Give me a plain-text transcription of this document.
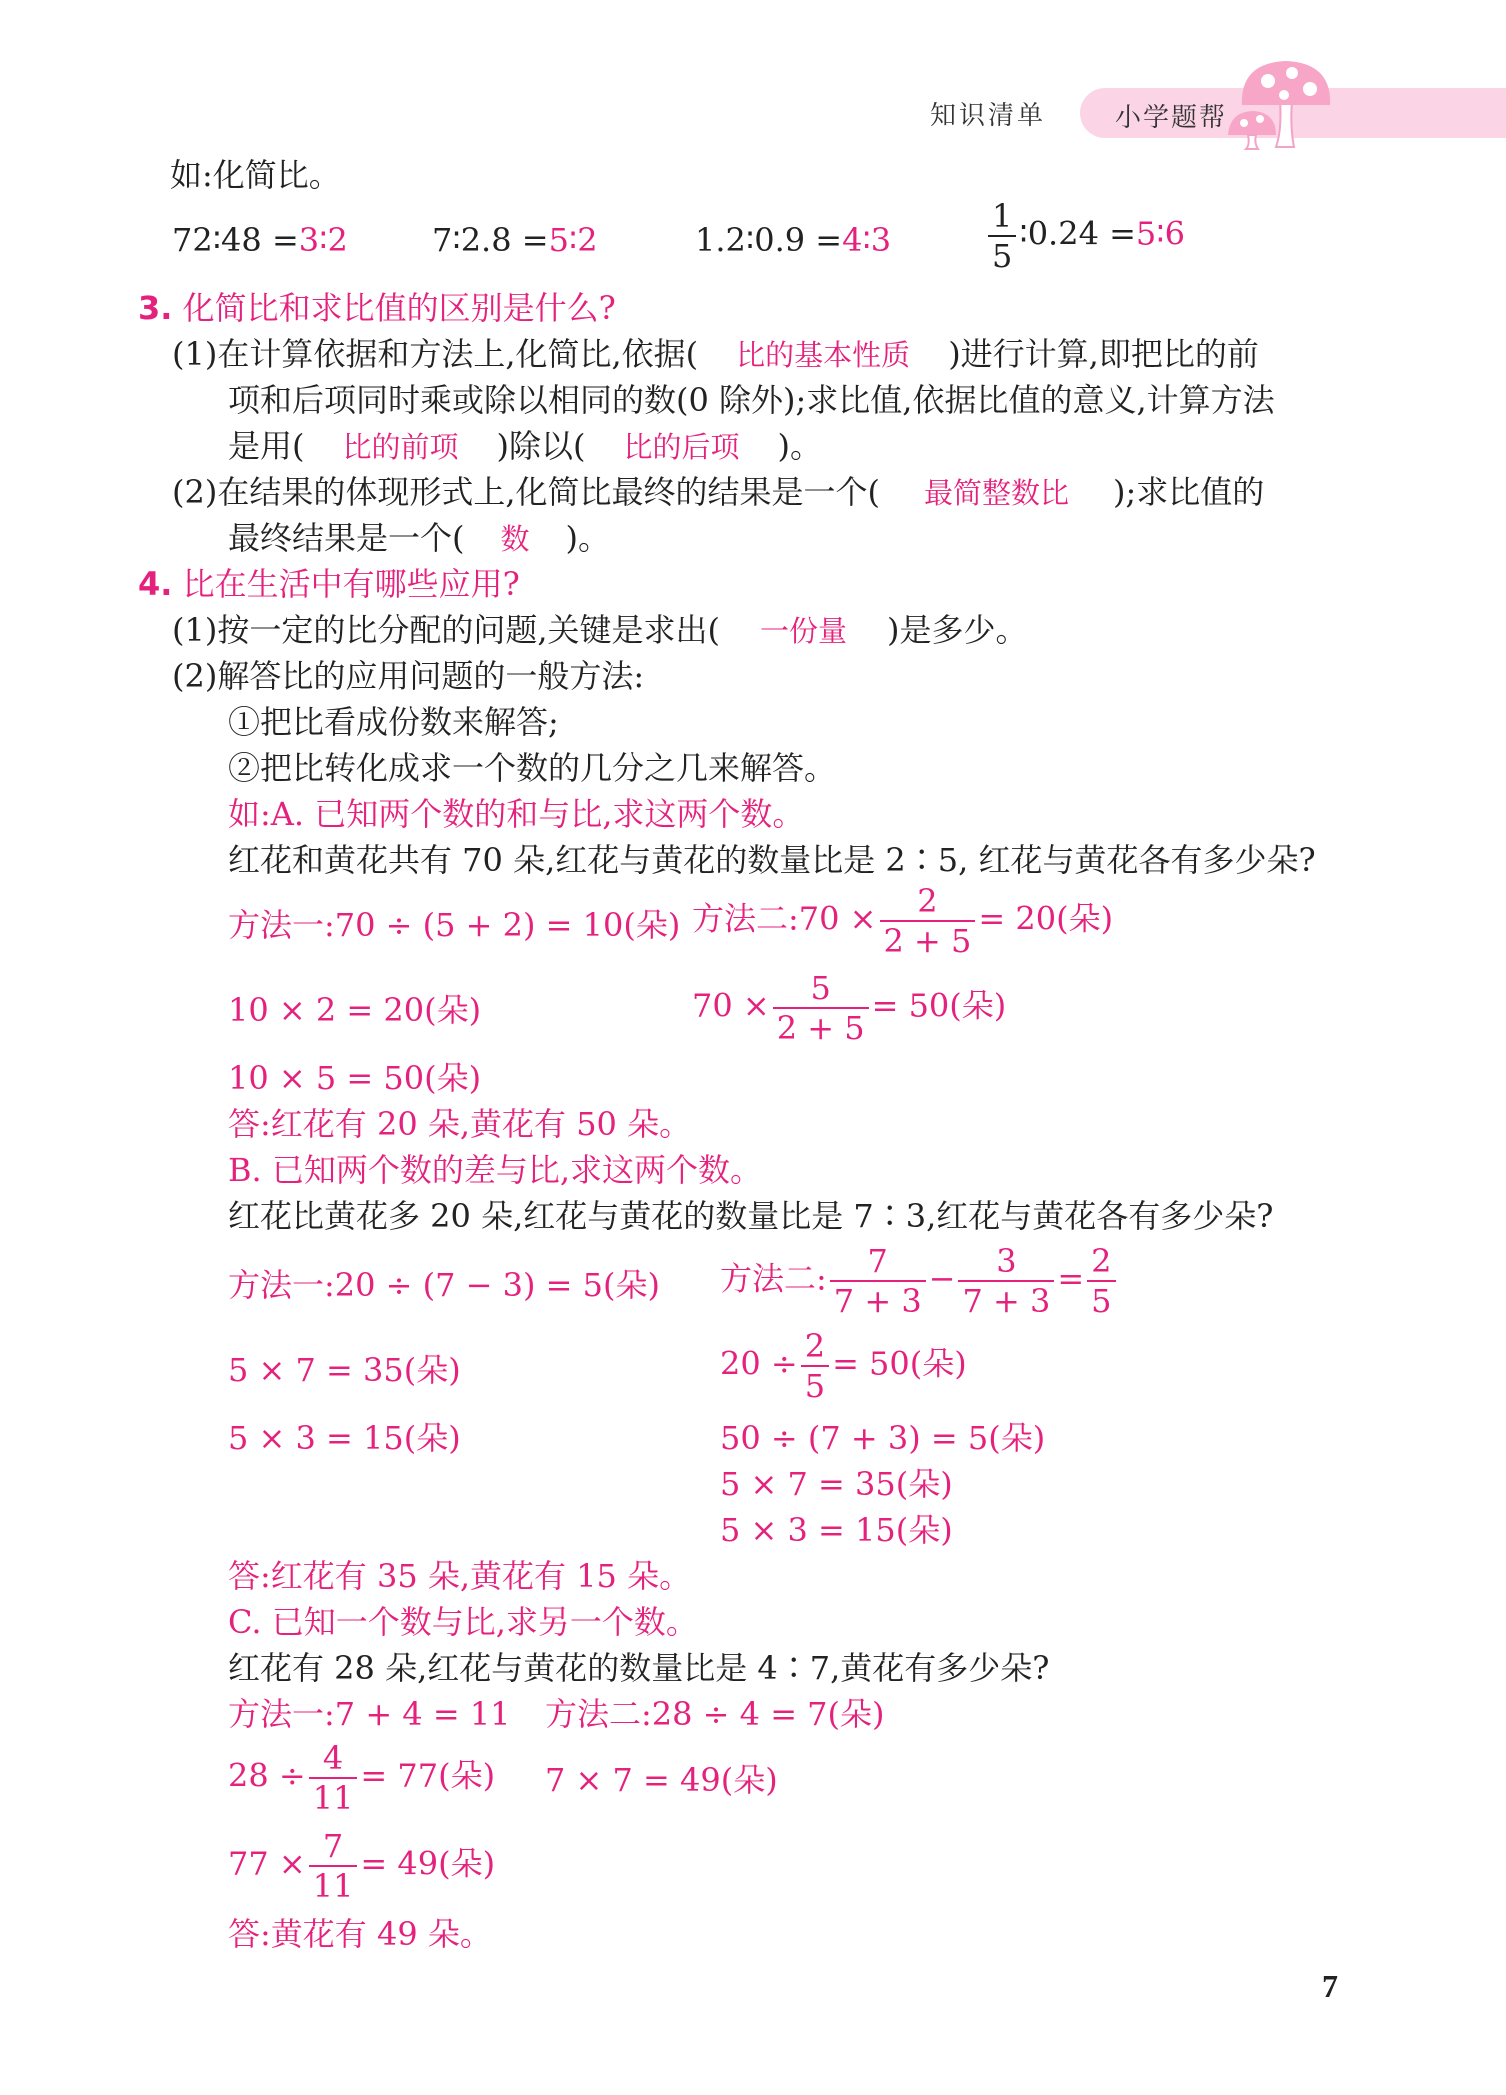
知识清单	小学题帮
如:化简比。
72∶48 =3∶2	7∶2.8 =5∶2	1.2∶0.9 =4∶3	$\frac{1}{5}$ ∶0.24 =5∶6
3. 化简比和求比值的区别是什么?
(1)在计算依据和方法上,化简比,依据( 比的基本性质 )进行计算,即把比的前
项和后项同时乘或除以相同的数(0 除外);求比值,依据比值的意义,计算方法
是用( 比的前项 )除以( 比的后项 )。
(2)在结果的体现形式上,化简比最终的结果是一个( 最简整数比 );求比值的
最终结果是一个( 数 )。
4. 比在生活中有哪些应用?
(1)按一定的比分配的问题,关键是求出( 一份量 )是多少。
(2)解答比的应用问题的一般方法:
①把比看成份数来解答;
②把比转化成求一个数的几分之几来解答。
如:A. 已知两个数的和与比,求这两个数。
红花和黄花共有 70 朵,红花与黄花的数量比是 2∶5, 红花与黄花各有多少朵?
方法一:70 ÷ (5 + 2) = 10(朵) 方法二:70 × $\frac{2}{2 + 5} = 20$(朵)
10 × 2 = 20(朵)	$70 \times \frac{5}{2 + 5} = 50$(朵)
10 × 5 = 50(朵)
答:红花有 20 朵,黄花有 50 朵。
B. 已知两个数的差与比,求这两个数。
红花比黄花多 20 朵,红花与黄花的数量比是 7∶3,红花与黄花各有多少朵?
方法一:20 ÷ (7 − 3) = 5(朵) 方法二: $\frac{7}{7 + 3} - \frac{3}{7 + 3} = \frac{2}{5}$
5 × 7 = 35(朵)	$20 \div \frac{2}{5} = 50$(朵)
5 × 3 = 15(朵)	50 ÷ (7 + 3) = 5(朵)
5 × 7 = 35(朵)
5 × 3 = 15(朵)
答:红花有 35 朵,黄花有 15 朵。
C. 已知一个数与比,求另一个数。
红花有 28 朵,红花与黄花的数量比是 4∶7,黄花有多少朵?
方法一:7 + 4 = 11 方法二:28 ÷ 4 = 7(朵)
$28 \div \frac{4}{11} = 77$(朵) 7 × 7 = 49(朵)
$77 \times \frac{7}{11} = 49$(朵)
答:黄花有 49 朵。
7
